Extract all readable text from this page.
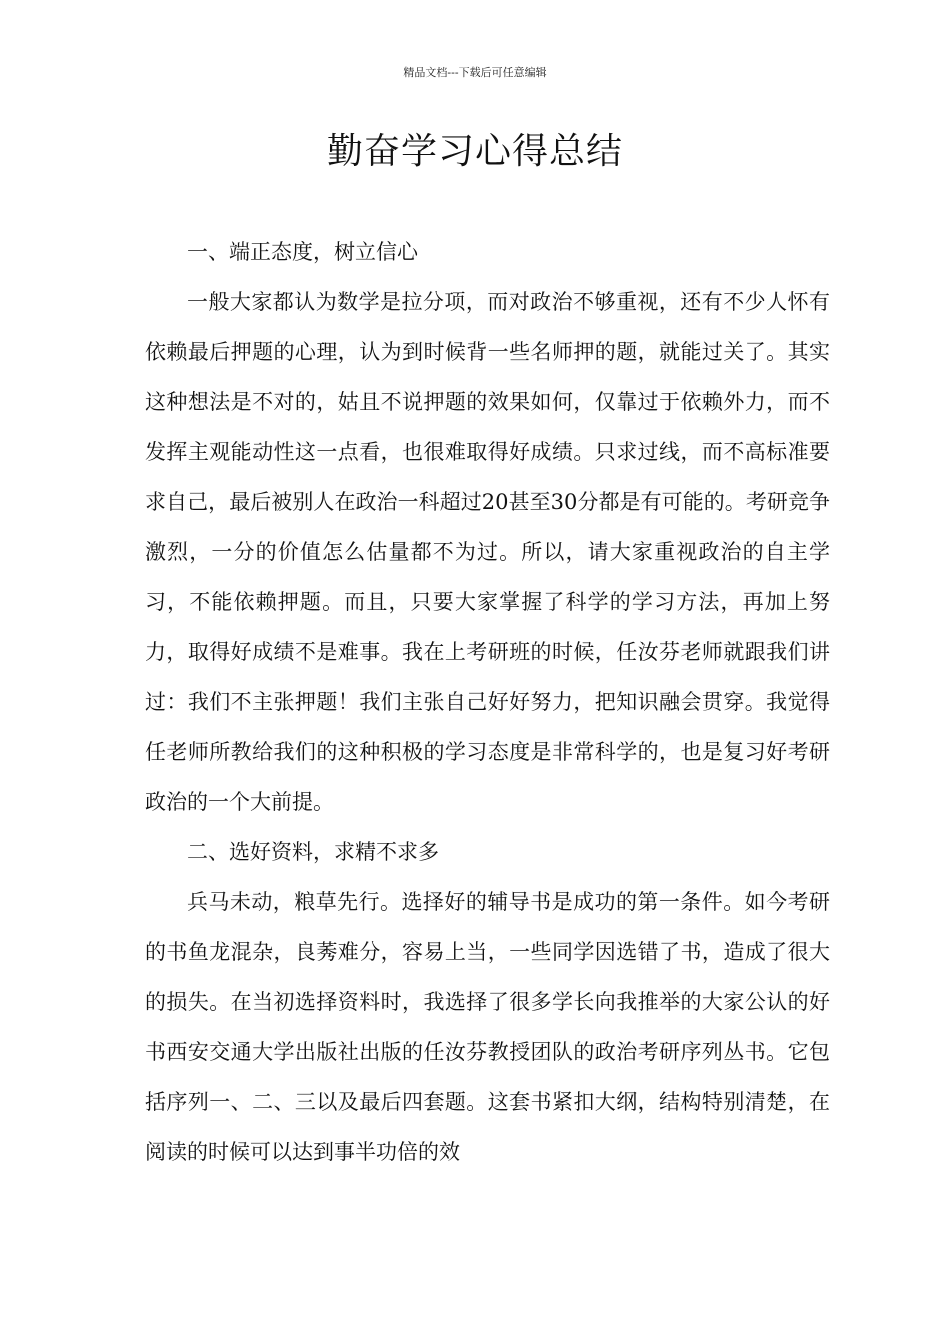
精品文档---下载后可任意编辑
勤奋学习心得总结

一、端正态度，树立信心

一般大家都认为数学是拉分项，而对政治不够重视，还有不少人怀有依赖最后押题的心理，认为到时候背一些名师押的题，就能过关了。其实这种想法是不对的，姑且不说押题的效果如何，仅靠过于依赖外力，而不发挥主观能动性这一点看，也很难取得好成绩。只求过线，而不高标准要求自己，最后被别人在政治一科超过20甚至30分都是有可能的。考研竞争激烈，一分的价值怎么估量都不为过。所以，请大家重视政治的自主学习，不能依赖押题。而且，只要大家掌握了科学的学习方法，再加上努力，取得好成绩不是难事。我在上考研班的时候，任汝芬老师就跟我们讲过：我们不主张押题！我们主张自己好好努力，把知识融会贯穿。我觉得任老师所教给我们的这种积极的学习态度是非常科学的，也是复习好考研政治的一个大前提。

二、选好资料，求精不求多

兵马未动，粮草先行。选择好的辅导书是成功的第一条件。如今考研的书鱼龙混杂，良莠难分，容易上当，一些同学因选错了书，造成了很大的损失。在当初选择资料时，我选择了很多学长向我推举的大家公认的好书西安交通大学出版社出版的任汝芬教授团队的政治考研序列丛书。它包括序列一、二、三以及最后四套题。这套书紧扣大纲，结构特别清楚，在阅读的时候可以达到事半功倍的效
